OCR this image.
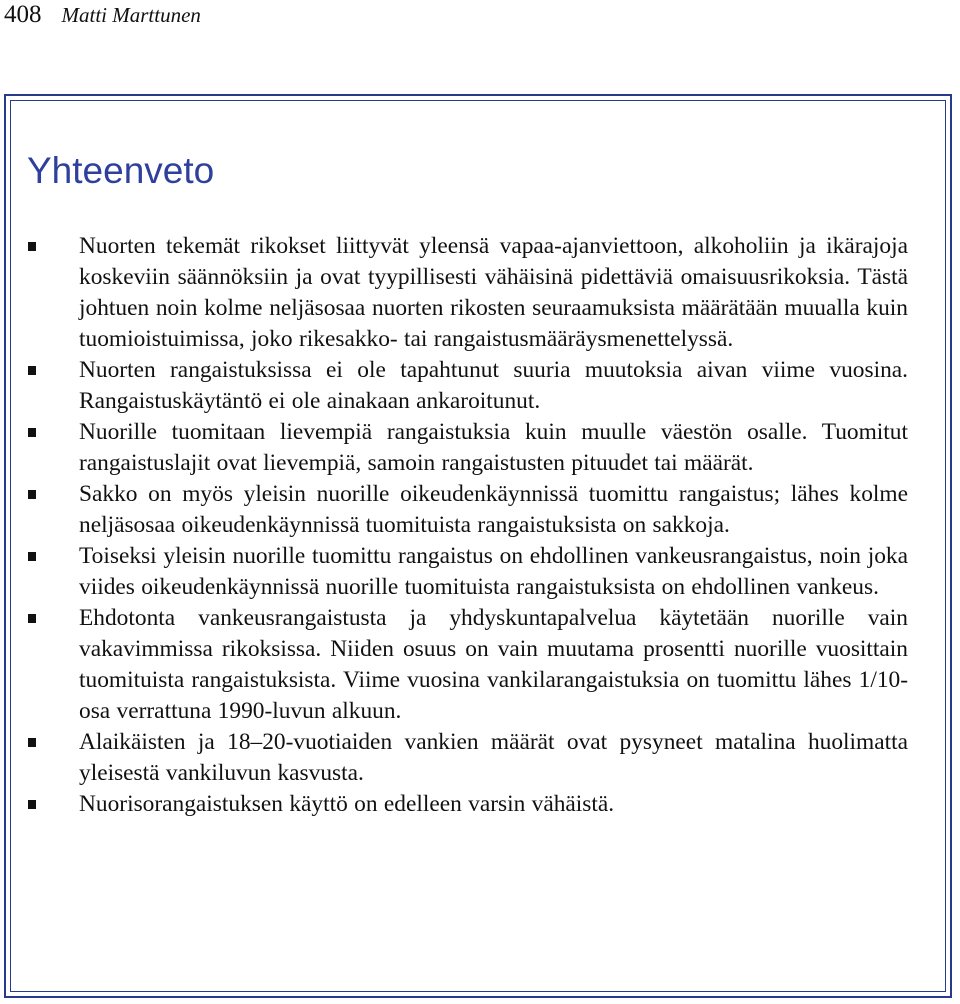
408 Matti Marttunen
Yhteenveto
Nuorten tekemät rikokset liittyvät yleensä vapaa-ajanviettoon, alkoholiin ja ikärajoja koskeviin säännöksiin ja ovat tyypillisesti vähäisinä pidettäviä omaisuusrikoksia. Tästä johtuen noin kolme neljäsosaa nuorten rikosten seuraamuksista määrätään muualla kuin tuomioistuimissa, joko rikesakko- tai rangaistusmääräysmenettelyssä.
Nuorten rangaistuksissa ei ole tapahtunut suuria muutoksia aivan viime vuosina. Rangaistuskäytäntö ei ole ainakaan ankaroitunut.
Nuorille tuomitaan lievempiä rangaistuksia kuin muulle väestön osalle. Tuomitut rangaistuslajit ovat lievempiä, samoin rangaistusten pituudet tai määrät.
Sakko on myös yleisin nuorille oikeudenkäynnissä tuomittu rangaistus; lähes kolme neljäsosaa oikeudenkäynnissä tuomituista rangaistuksista on sakkoja.
Toiseksi yleisin nuorille tuomittu rangaistus on ehdollinen vankeusrangaistus, noin joka viides oikeudenkäynnissä nuorille tuomituista rangaistuksista on ehdollinen vankeus.
Ehdotonta vankeusrangaistusta ja yhdyskuntapalvelua käytetään nuorille vain vakavimmissa rikoksissa. Niiden osuus on vain muutama prosentti nuorille vuosittain tuomituista rangaistuksista. Viime vuosina vankilarangaistuksia on tuomittu lähes 1/10-osa verrattuna 1990-luvun alkuun.
Alaikäisten ja 18–20-vuotiaiden vankien määrät ovat pysyneet matalina huolimatta yleisestä vankiluvun kasvusta.
Nuorisorangaistuksen käyttö on edelleen varsin vähäistä.
